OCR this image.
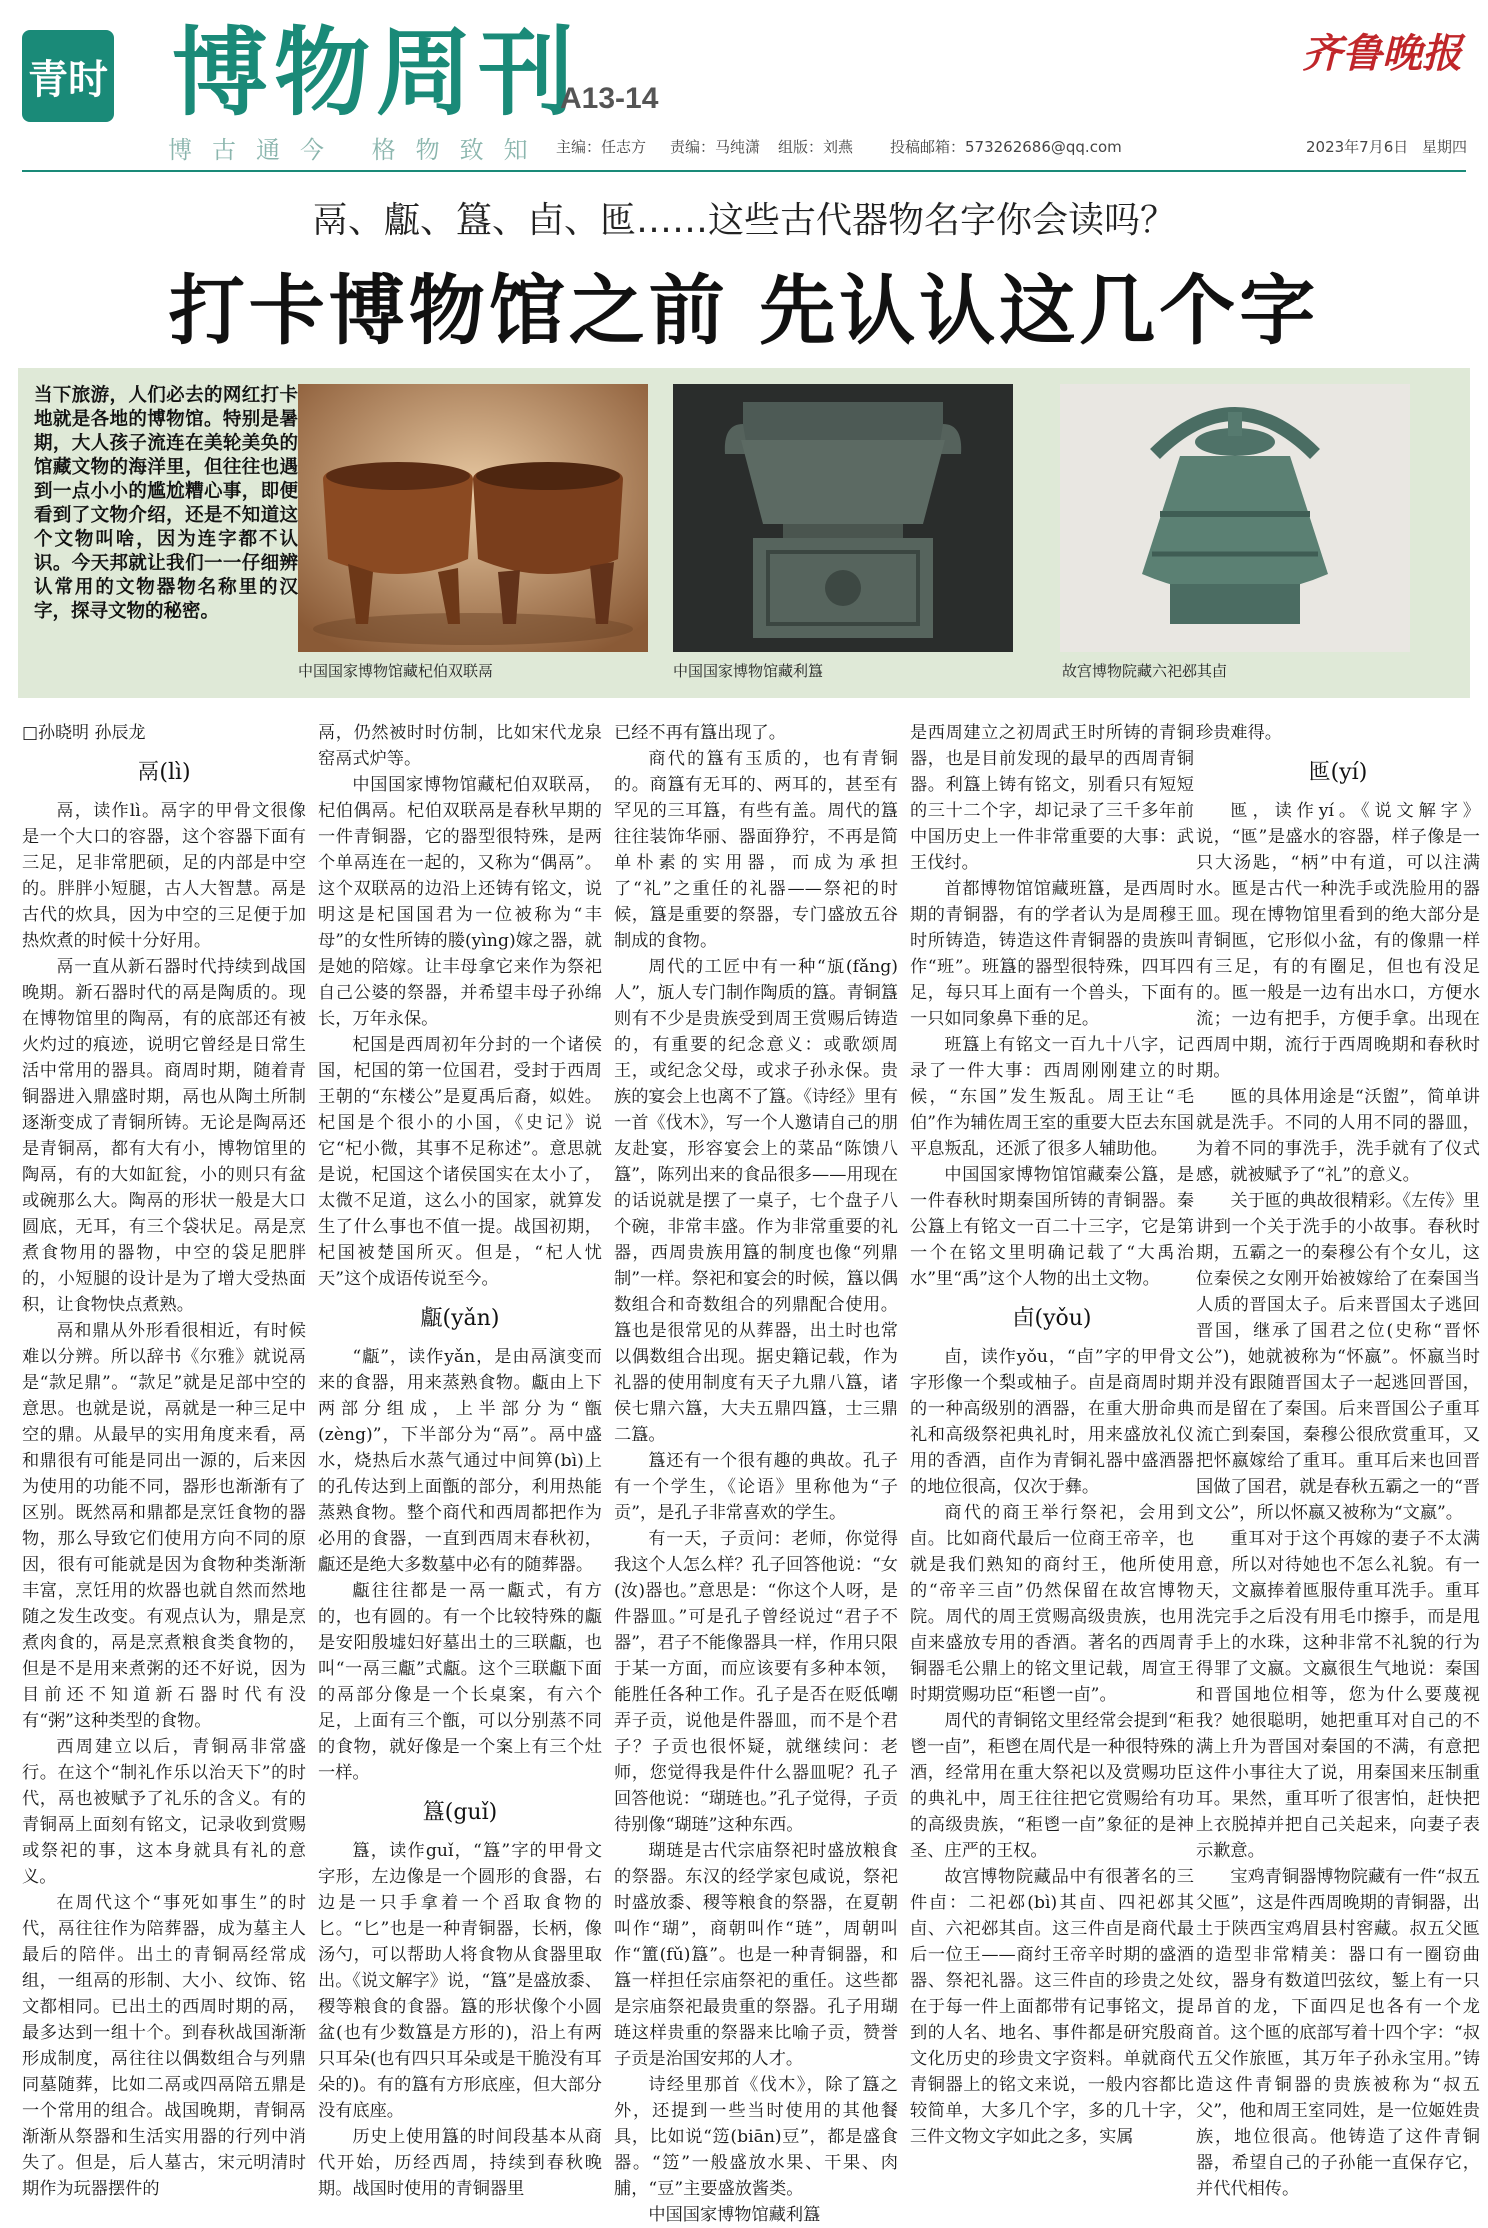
青时 博物周刊
A13-14
齐鲁晚报
博古通今 格物致知 主编：任志方 责编：马纯潇 组版：刘燕 投稿邮箱：573262686@qq.com	2023年7月6日 星期四
鬲、甗、簋、卣、匜……这些古代器物名字你会读吗？
打卡博物馆之前 先认认这几个字
当下旅游，人们必去的网红打卡地就是各地的博物馆。特别是暑期，大人孩子流连在美轮美奂的馆藏文物的海洋里，但往往也遇到一点小小的尴尬糟心事，即便看到了文物介绍，还是不知道这个文物叫啥，因为连字都不认识。今天邦就让我们一一仔细辨认常用的文物器物名称里的汉字，探寻文物的秘密。
中国国家博物馆藏杞伯双联鬲	中国国家博物馆藏利簋	故宫博物院藏六祀邲其卣

□孙晓明 孙辰龙

鬲(lì)

鬲，读作lì。鬲字的甲骨文很像是一个大口的容器，这个容器下面有三足，足非常肥硕，足的内部是中空的。胖胖小短腿，古人大智慧。鬲是古代的炊具，因为中空的三足便于加热炊煮的时候十分好用。

鬲一直从新石器时代持续到战国晚期。新石器时代的鬲是陶质的。现在博物馆里的陶鬲，有的底部还有被火灼过的痕迹，说明它曾经是日常生活中常用的器具。商周时期，随着青铜器进入鼎盛时期，鬲也从陶土所制逐渐变成了青铜所铸。无论是陶鬲还是青铜鬲，都有大有小，博物馆里的陶鬲，有的大如缸瓮，小的则只有盆或碗那么大。陶鬲的形状一般是大口圆底，无耳，有三个袋状足。鬲是烹煮食物用的器物，中空的袋足肥胖的，小短腿的设计是为了增大受热面积，让食物快点煮熟。

鬲和鼎从外形看很相近，有时候难以分辨。所以辞书《尔雅》就说鬲是“款足鼎”。“款足”就是足部中空的意思。也就是说，鬲就是一种三足中空的鼎。从最早的实用角度来看，鬲和鼎很有可能是同出一源的，后来因为使用的功能不同，器形也渐渐有了区别。既然鬲和鼎都是烹饪食物的器物，那么导致它们使用方向不同的原因，很有可能就是因为食物种类渐渐丰富，烹饪用的炊器也就自然而然地随之发生改变。有观点认为，鼎是烹煮肉食的，鬲是烹煮粮食类食物的，但是不是用来煮粥的还不好说，因为目前还不知道新石器时代有没有“粥”这种类型的食物。

西周建立以后，青铜鬲非常盛行。在这个“制礼作乐以治天下”的时代，鬲也被赋予了礼乐的含义。有的青铜鬲上面刻有铭文，记录收到赏赐或祭祀的事，这本身就具有礼的意义。

在周代这个“事死如事生”的时代，鬲往往作为陪葬器，成为墓主人最后的陪伴。出土的青铜鬲经常成组，一组鬲的形制、大小、纹饰、铭文都相同。已出土的西周时期的鬲，最多达到一组十个。到春秋战国渐渐形成制度，鬲往往以偶数组合与列鼎同墓随葬，比如二鬲或四鬲陪五鼎是一个常用的组合。战国晚期，青铜鬲渐渐从祭器和生活实用器的行列中消失了。但是，后人墓古，宋元明清时期作为玩器摆件的

鬲，仍然被时时仿制，比如宋代龙泉窑鬲式炉等。

中国国家博物馆藏杞伯双联鬲，杞伯偶鬲。杞伯双联鬲是春秋早期的一件青铜器，它的器型很特殊，是两个单鬲连在一起的，又称为“偶鬲”。这个双联鬲的边沿上还铸有铭文，说明这是杞国国君为一位被称为“丰母”的女性所铸的媵(yìng)嫁之器，就是她的陪嫁。让丰母拿它来作为祭祀自己公婆的祭器，并希望丰母子孙绵长，万年永保。

杞国是西周初年分封的一个诸侯国，杞国的第一位国君，受封于西周王朝的“东楼公”是夏禹后裔，姒姓。杞国是个很小的小国，《史记》说它“杞小微，其事不足称述”。意思就是说，杞国这个诸侯国实在太小了，太微不足道，这么小的国家，就算发生了什么事也不值一提。战国初期，杞国被楚国所灭。但是，“杞人忧天”这个成语传说至今。

甗(yǎn)

“甗”，读作yǎn，是由鬲演变而来的食器，用来蒸熟食物。甗由上下两部分组成，上半部分为“甑(zèng)”，下半部分为“鬲”。鬲中盛水，烧热后水蒸气通过中间箅(bì)上的孔传达到上面甑的部分，利用热能蒸熟食物。整个商代和西周都把作为必用的食器，一直到西周末春秋初，甗还是绝大多数墓中必有的随葬器。

甗往往都是一鬲一甗式，有方的，也有圆的。有一个比较特殊的甗是安阳殷墟妇好墓出土的三联甗，也叫“一鬲三甗”式甗。这个三联甗下面的鬲部分像是一个长桌案，有六个足，上面有三个甑，可以分别蒸不同的食物，就好像是一个案上有三个灶一样。

簋(guǐ)

簋，读作guǐ，“簋”字的甲骨文字形，左边像是一个圆形的食器，右边是一只手拿着一个舀取食物的匕。“匕”也是一种青铜器，长柄，像汤勺，可以帮助人将食物从食器里取出。《说文解字》说，“簋”是盛放黍、稷等粮食的食器。簋的形状像个小圆盆(也有少数簋是方形的)，沿上有两只耳朵(也有四只耳朵或是干脆没有耳朵的)。有的簋有方形底座，但大部分没有底座。

历史上使用簋的时间段基本从商代开始，历经西周，持续到春秋晚期。战国时使用的青铜器里

已经不再有簋出现了。

商代的簋有玉质的，也有青铜的。商簋有无耳的、两耳的，甚至有罕见的三耳簋，有些有盖。周代的簋往往装饰华丽、器面狰狞，不再是简单朴素的实用器，而成为承担了“礼”之重任的礼器——祭祀的时候，簋是重要的祭器，专门盛放五谷制成的食物。

周代的工匠中有一种“瓬(fǎng)人”，瓬人专门制作陶质的簋。青铜簋则有不少是贵族受到周王赏赐后铸造的，有重要的纪念意义：或歌颂周王，或纪念父母，或求子孙永保。贵族的宴会上也离不了簋。《诗经》里有一首《伐木》，写一个人邀请自己的朋友赴宴，形容宴会上的菜品“陈馈八簋”，陈列出来的食品很多——用现在的话说就是摆了一桌子，七个盘子八个碗，非常丰盛。作为非常重要的礼器，西周贵族用簋的制度也像“列鼎制”一样。祭祀和宴会的时候，簋以偶数组合和奇数组合的列鼎配合使用。簋也是很常见的从葬器，出土时也常以偶数组合出现。据史籍记载，作为礼器的使用制度有天子九鼎八簋，诸侯七鼎六簋，大夫五鼎四簋，士三鼎二簋。

簋还有一个很有趣的典故。孔子有一个学生，《论语》里称他为“子贡”，是孔子非常喜欢的学生。

有一天，子贡问：老师，你觉得我这个人怎么样？孔子回答他说：“女(汝)器也。”意思是：“你这个人呀，是件器皿。”可是孔子曾经说过“君子不器”，君子不能像器具一样，作用只限于某一方面，而应该要有多种本领，能胜任各种工作。孔子是否在贬低嘲弄子贡，说他是件器皿，而不是个君子？子贡也很怀疑，就继续问：老师，您觉得我是件什么器皿呢？孔子回答他说：“瑚琏也。”孔子觉得，子贡待别像“瑚琏”这种东西。

瑚琏是古代宗庙祭祀时盛放粮食的祭器。东汉的经学家包咸说，祭祀时盛放黍、稷等粮食的祭器，在夏朝叫作“瑚”，商朝叫作“琏”，周朝叫作“簠(fǔ)簋”。也是一种青铜器，和簋一样担任宗庙祭祀的重任。这些都是宗庙祭祀最贵重的祭器。孔子用瑚琏这样贵重的祭器来比喻子贡，赞誉子贡是治国安邦的人才。

诗经里那首《伐木》，除了簋之外，还提到一些当时使用的其他餐具，比如说“笾(biān)豆”，都是盛食器。“笾”一般盛放水果、干果、肉脯，“豆”主要盛放酱类。

中国国家博物馆藏利簋

是西周建立之初周武王时所铸的青铜器，也是目前发现的最早的西周青铜器。利簋上铸有铭文，别看只有短短的三十二个字，却记录了三千多年前中国历史上一件非常重要的大事：武王伐纣。

首都博物馆馆藏班簋，是西周时期的青铜器，有的学者认为是周穆王时所铸造，铸造这件青铜器的贵族叫作“班”。班簋的器型很特殊，四耳四足，每只耳上面有一个兽头，下面有一只如同象鼻下垂的足。

班簋上有铭文一百九十八字，记录了一件大事：西周刚刚建立的时候，“东国”发生叛乱。周王让“毛伯”作为辅佐周王室的重要大臣去东国平息叛乱，还派了很多人辅助他。

中国国家博物馆馆藏秦公簋，是一件春秋时期秦国所铸的青铜器。秦公簋上有铭文一百二十三字，它是第一个在铭文里明确记载了“大禹治水”里“禹”这个人物的出土文物。

卣(yǒu)

卣，读作yǒu，“卣”字的甲骨文字形像一个梨或柚子。卣是商周时期的一种高级别的酒器，在重大册命典礼和高级祭祀典礼时，用来盛放礼仪用的香酒，卣作为青铜礼器中盛酒器的地位很高，仅次于彝。

商代的商王举行祭祀，会用到卣。比如商代最后一位商王帝辛，也就是我们熟知的商纣王，他所使用的“帝辛三卣”仍然保留在故宫博物院。周代的周王赏赐高级贵族，也用卣来盛放专用的香酒。著名的西周青铜器毛公鼎上的铭文里记载，周宣王时期赏赐功臣“秬鬯一卣”。

周代的青铜铭文里经常会提到“秬鬯一卣”，秬鬯在周代是一种很特殊的酒，经常用在重大祭祀以及赏赐功臣的典礼中，周王往往把它赏赐给有功的高级贵族，“秬鬯一卣”象征的是神圣、庄严的王权。

故宫博物院藏品中有很著名的三件卣：二祀邲(bì)其卣、四祀邲其卣、六祀邲其卣。这三件卣是商代最后一位王——商纣王帝辛时期的盛酒器、祭祀礼器。这三件卣的珍贵之处在于每一件上面都带有记事铭文，提到的人名、地名、事件都是研究殷商文化历史的珍贵文字资料。单就商代青铜器上的铭文来说，一般内容都比较简单，大多几个字，多的几十字，三件文物文字如此之多，实属

珍贵难得。

匜(yí)

匜，读作yí。《说文解字》说，“匜”是盛水的容器，样子像是一只大汤匙，“柄”中有道，可以注满水。匜是古代一种洗手或洗脸用的器皿。现在博物馆里看到的绝大部分是青铜匜，它形似小盆，有的像鼎一样有三足，有的有圈足，但也有没足的。匜一般是一边有出水口，方便水流；一边有把手，方便手拿。出现在西周中期，流行于西周晚期和春秋时期。

匜的具体用途是“沃盥”，简单讲就是洗手。不同的人用不同的器皿，为着不同的事洗手，洗手就有了仪式感，就被赋予了“礼”的意义。

关于匜的典故很精彩。《左传》里讲到一个关于洗手的小故事。春秋时期，五霸之一的秦穆公有个女儿，这位秦侯之女刚开始被嫁给了在秦国当人质的晋国太子。后来晋国太子逃回晋国，继承了国君之位(史称“晋怀公”)，她就被称为“怀嬴”。怀嬴当时并没有跟随晋国太子一起逃回晋国，而是留在了秦国。后来晋国公子重耳流亡到秦国，秦穆公很欣赏重耳，又把怀嬴嫁给了重耳。重耳后来也回晋国做了国君，就是春秋五霸之一的“晋文公”，所以怀嬴又被称为“文嬴”。

重耳对于这个再嫁的妻子不太满意，所以对待她也不怎么礼貌。有一天，文嬴捧着匜服侍重耳洗手。重耳洗完手之后没有用毛巾擦手，而是甩手上的水珠，这种非常不礼貌的行为得罪了文嬴。文嬴很生气地说：秦国和晋国地位相等，您为什么要蔑视我？她很聪明，她把重耳对自己的不满上升为晋国对秦国的不满，有意把这件小事往大了说，用秦国来压制重耳。果然，重耳听了很害怕，赶快把上衣脱掉并把自己关起来，向妻子表示歉意。

宝鸡青铜器博物院藏有一件“叔五父匜”，这是件西周晚期的青铜器，出土于陕西宝鸡眉县村窖藏。叔五父匜的造型非常精美：器口有一圈窃曲纹，器身有数道凹弦纹，錾上有一只昂首的龙，下面四足也各有一个龙首。这个匜的底部写着十四个字：“叔五父作旅匜，其万年子孙永宝用。”铸造这件青铜器的贵族被称为“叔五父”，他和周王室同姓，是一位姬姓贵族，地位很高。他铸造了这件青铜器，希望自己的子孙能一直保存它，并代代相传。
